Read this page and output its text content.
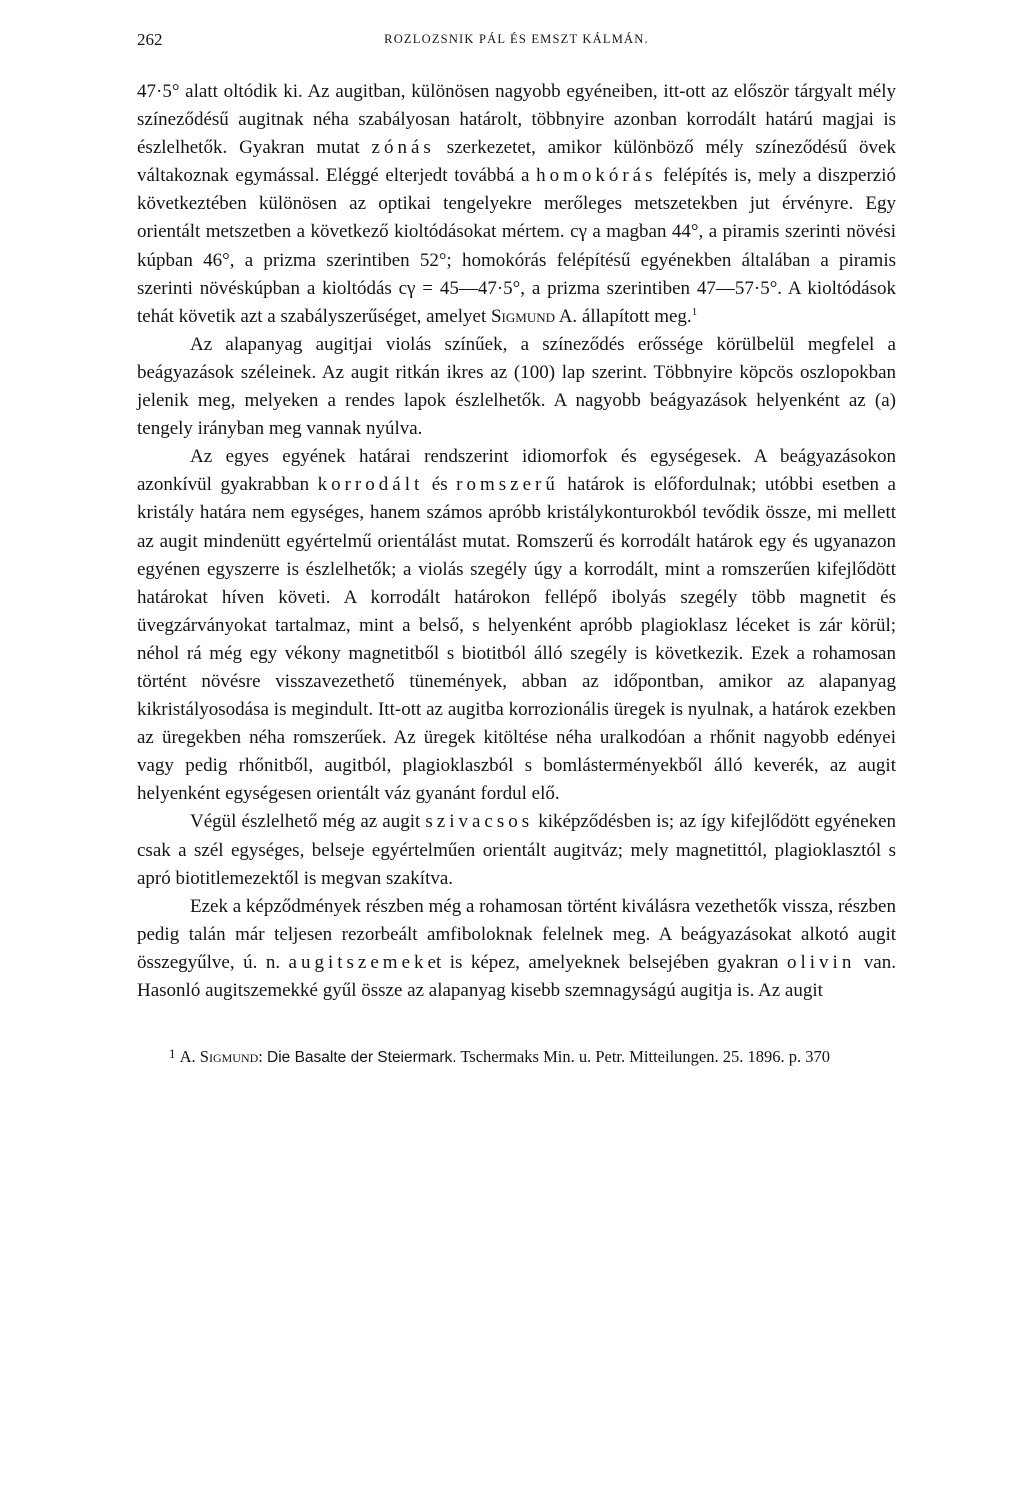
262	ROZLOZSNIK PÁL ÉS EMSZT KÁLMÁN.

47·5° alatt oltódik ki. Az augitban, különösen nagyobb egyéneiben, itt-ott az először tárgyalt mély színeződésű augitnak néha szabályosan határolt, többnyire azonban korrodált határú magjai is észlelhetők. Gyakran mutat zónás szerkezetet, amikor különböző mély színeződésű övek váltakoznak egymással. Eléggé elterjedt továbbá a homokórás felépítés is, mely a diszperzió következtében különösen az optikai tengelyekre merőleges metszetekben jut érvényre. Egy orientált metszetben a következő kioltódásokat mértem. cγ a magban 44°, a piramis szerinti növési kúpban 46°, a prizma szerintiben 52°; homokórás felépítésű egyénekben általában a piramis szerinti növéskúpban a kioltódás cγ = 45—47·5°, a prizma szerintiben 47—57·5°. A kioltódások tehát követik azt a szabályszerűséget, amelyet Sigmund A. állapított meg.$^1$

Az alapanyag augitjai violás színűek, a színeződés erőssége körülbelül megfelel a beágyazások széleinek. Az augit ritkán ikres az (100) lap szerint. Többnyire köpcös oszlopokban jelenik meg, melyeken a rendes lapok észlelhetők. A nagyobb beágyazások helyenként az (a) tengely irányban meg vannak nyúlva.

Az egyes egyének határai rendszerint idiomorfok és egységesek. A beágyazásokon azonkívül gyakrabban korrodált és romszerű határok is előfordulnak; utóbbi esetben a kristály határa nem egységes, hanem számos apróbb kristálykonturokból tevődik össze, mi mellett az augit mindenütt egyértelmű orientálást mutat. Romszerű és korrodált határok egy és ugyanazon egyénen egyszerre is észlelhetők; a violás szegély úgy a korrodált, mint a romszerűen kifejlődött határokat híven követi. A korrodált határokon fellépő ibolyás szegély több magnetit és üvegzárványokat tartalmaz, mint a belső, s helyenként apróbb plagioklasz léceket is zár körül; néhol rá még egy vékony magnetitből s biotitból álló szegély is következik. Ezek a rohamosan történt növésre visszavezethető tünemények, abban az időpontban, amikor az alapanyag kikristályosodása is megindult. Itt-ott az augitba korrozionális üregek is nyulnak, a határok ezekben az üregekben néha romszerűek. Az üregek kitöltése néha uralkodóan a rhőnit nagyobb edényei vagy pedig rhőnitből, augitból, plagioklaszból s bomlásterményekből álló keverék, az augit helyenként egységesen orientált váz gyanánt fordul elő.

Végül észlelhető még az augit szivacsos kiképződésben is; az így kifejlődött egyéneken csak a szél egységes, belseje egyértelműen orientált augitváz; mely magnetittól, plagioklasztól s apró biotitlemezektől is megvan szakítva.

Ezek a képződmények részben még a rohamosan történt kiválásra vezethetők vissza, részben pedig talán már teljesen rezorbeált amfiboloknak felelnek meg. A beágyazásokat alkotó augit összegyűlve, ú. n. augitszemeket is képez, amelyeknek belsejében gyakran olivin van. Hasonló augitszemekké gyűl össze az alapanyag kisebb szemnagyságú augitja is. Az augit

$^1$ A. Sigmund: Die Basalte der Steiermark. Tschermaks Min. u. Petr. Mitteilungen. 25. 1896. p. 370
